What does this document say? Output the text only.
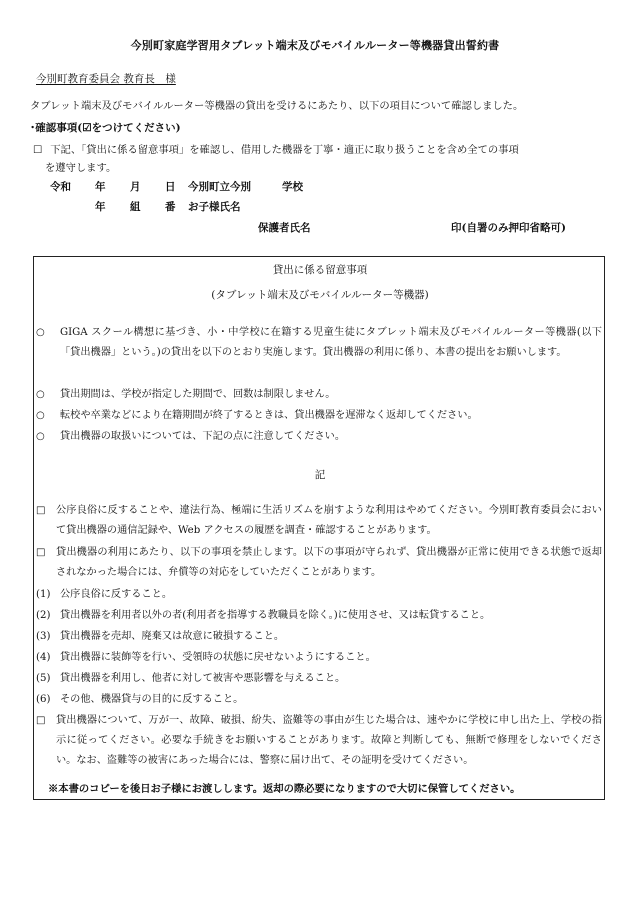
今別町家庭学習用タブレット端末及びモバイルルーター等機器貸出誓約書
今別町教育委員会 教育長　様
タブレット端末及びモバイルルーター等機器の貸出を受けるにあたり、以下の項目について確認しました。
･確認事項(☑をつけてください)
☐ 下記、「貸出に係る留意事項」を確認し、借用した機器を丁寧・適正に取り扱うことを含め全ての事項
を遵守します。
令和 年 月 日 今別町立今別	学校
年 組 番 お子様氏名
保護者氏名	印(自署のみ押印省略可)
貸出に係る留意事項
(タブレット端末及びモバイルルーター等機器)
○	GIGA スクール構想に基づき、小・中学校に在籍する児童生徒にタブレット端末及びモバイルルーター等機器(以下「貸出機器」という。)の貸出を以下のとおり実施します。貸出機器の利用に係り、本書の提出をお願いします。
○	貸出期間は、学校が指定した期間で、回数は制限しません。
○	転校や卒業などにより在籍期間が終了するときは、貸出機器を遅滞なく返却してください。
○	貸出機器の取扱いについては、下記の点に注意してください。
記
□	公序良俗に反することや、違法行為、極端に生活リズムを崩すような利用はやめてください。今別町教育委員会において貸出機器の通信記録や、Web アクセスの履歴を調査・確認することがあります。
□	貸出機器の利用にあたり、以下の事項を禁止します。以下の事項が守られず、貸出機器が正常に使用できる状態で返却されなかった場合には、弁償等の対応をしていただくことがあります。
(1) 公序良俗に反すること。
(2) 貸出機器を利用者以外の者(利用者を指導する教職員を除く。)に使用させ、又は転貸すること。
(3) 貸出機器を売却、廃棄又は故意に破損すること。
(4) 貸出機器に装飾等を行い、受領時の状態に戻せないようにすること。
(5) 貸出機器を利用し、他者に対して被害や悪影響を与えること。
(6) その他、機器貸与の目的に反すること。
□	貸出機器について、万が一、故障、破損、紛失、盗難等の事由が生じた場合は、速やかに学校に申し出た上、学校の指示に従ってください。必要な手続きをお願いすることがあります。故障と判断しても、無断で修理をしないでください。なお、盗難等の被害にあった場合には、警察に届け出て、その証明を受けてください。
※本書のコピーを後日お子様にお渡しします。返却の際必要になりますので大切に保管してください。
